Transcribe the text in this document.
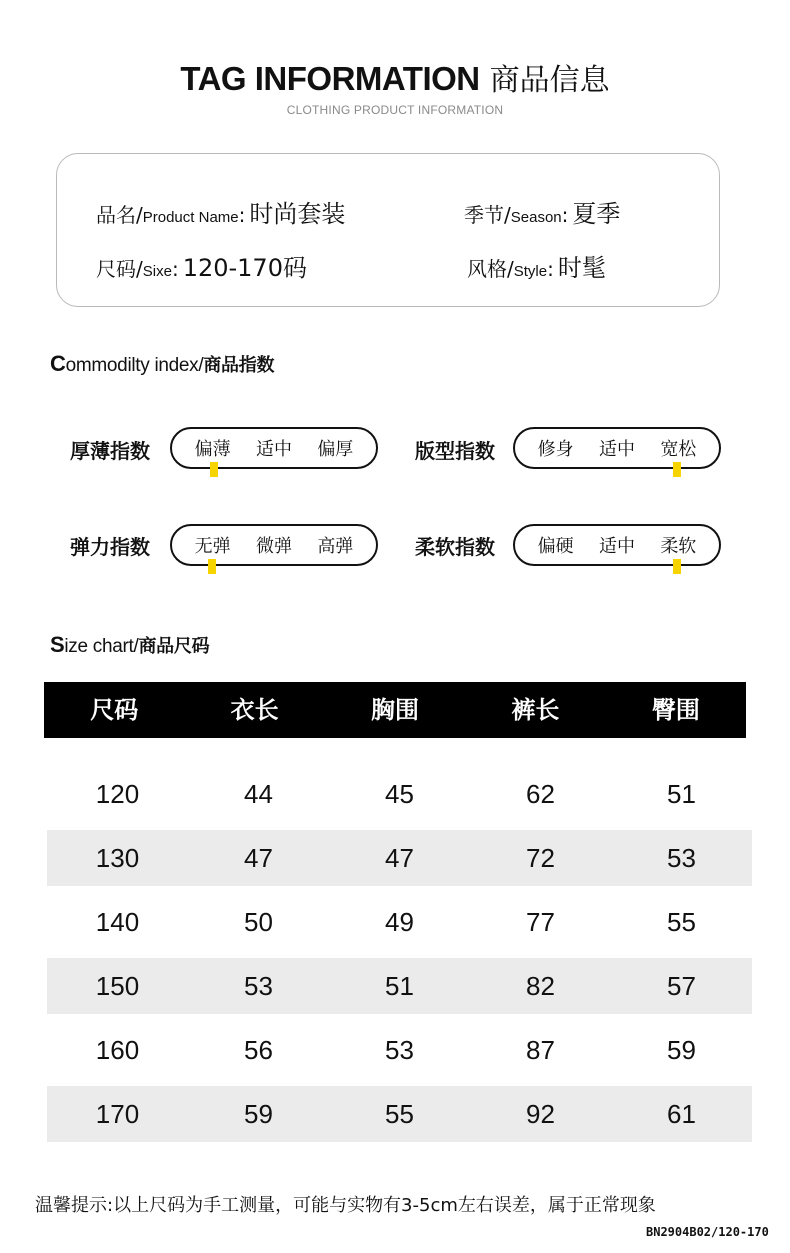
TAG INFORMATION 商品信息
CLOTHING PRODUCT INFORMATION
品名/Product Name: 时尚套装	季节/Season: 夏季
尺码/Sixe: 120-170码	风格/Style: 时髦
Commodilty index/商品指数
厚薄指数 偏薄 适中 偏厚	版型指数 修身 适中 宽松
弹力指数 无弹 微弹 高弹	柔软指数 偏硬 适中 柔软
Size chart/商品尺码
尺码	衣长	胸围	裤长	臀围
120	44	45	62	51
130	47	47	72	53
140	50	49	77	55
150	53	51	82	57
160	56	53	87	59
170	59	55	92	61
温馨提示:以上尺码为手工测量，可能与实物有3-5cm左右误差，属于正常现象
BN2904B02/120-170
